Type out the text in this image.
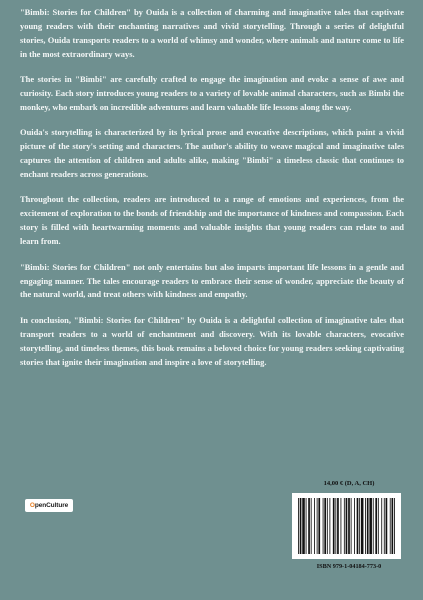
"Bimbi: Stories for Children" by Ouida is a collection of charming and imaginative tales that captivate young readers with their enchanting narratives and vivid storytelling. Through a series of delightful stories, Ouida transports readers to a world of whimsy and wonder, where animals and nature come to life in the most extraordinary ways.

The stories in "Bimbi" are carefully crafted to engage the imagination and evoke a sense of awe and curiosity. Each story introduces young readers to a variety of lovable animal characters, such as Bimbi the monkey, who embark on incredible adventures and learn valuable life lessons along the way.

Ouida's storytelling is characterized by its lyrical prose and evocative descriptions, which paint a vivid picture of the story's setting and characters. The author's ability to weave magical and imaginative tales captures the attention of children and adults alike, making "Bimbi" a timeless classic that continues to enchant readers across generations.

Throughout the collection, readers are introduced to a range of emotions and experiences, from the excitement of exploration to the bonds of friendship and the importance of kindness and compassion. Each story is filled with heartwarming moments and valuable insights that young readers can relate to and learn from.

"Bimbi: Stories for Children" not only entertains but also imparts important life lessons in a gentle and engaging manner. The tales encourage readers to embrace their sense of wonder, appreciate the beauty of the natural world, and treat others with kindness and empathy.

In conclusion, "Bimbi: Stories for Children" by Ouida is a delightful collection of imaginative tales that transport readers to a world of enchantment and discovery. With its lovable characters, evocative storytelling, and timeless themes, this book remains a beloved choice for young readers seeking captivating stories that ignite their imagination and inspire a love of storytelling.

O penCulture
14,00 € (D, A, CH)
ISBN 979-1-04184-773-0
